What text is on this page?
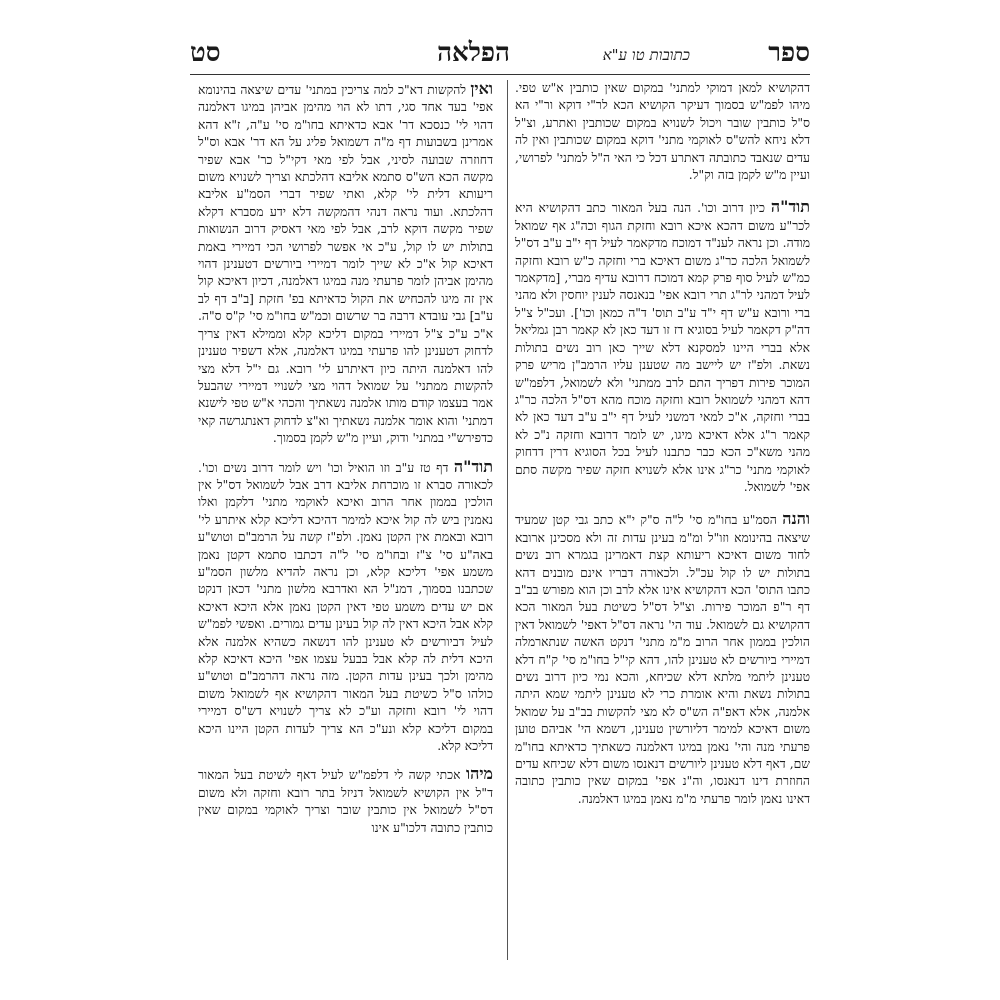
ספר
כתובות טו ע"א
הפלאה
סט

דהקושיא למאן דמוקי למתני' במקום שאין כותבין א"ש טפי. מיהו לפמ"ש בסמוך דעיקר הקושיא הכא לר"י דוקא ור"י הא ס"ל כותבין שובר ויכול לשנויא במקום שכותבין ואתרע, וצ"ל דלא ניחא להש"ס לאוקמי מתני' דוקא במקום שכותבין ואין לה עדים שנאבד כתובתה דאתרע דכל כי האי ה"ל למתני' לפרושי, ועיין מ"ש לקמן בזה וק"ל.

תוד"ה כיון דרוב וכו'. הנה בעל המאור כתב דהקושיא היא לכר"ע משום דהכא איכא רובא וחזקת הגוף וכה"ג אף שמואל מודה. וכן נראה לענ"ד דמוכח מדקאמר לעיל דף י"ב ע"ב דס"ל לשמואל הלכה כר"ג משום דאיכא ברי וחזקה כ"ש רובא וחזקה כמ"ש לעיל סוף פרק קמא דמוכח דרובא עדיף מברי, [מדקאמר לעיל דמהני לר"ג תרי רובא אפי' בנאנסה לענין יוחסין ולא מהני ברי ורובא ע"ש דף י"ד ע"ב תוס' ד"ה כמאן וכו']. ועכ"ל צ"ל דה"ק דקאמר לעיל בסוגיא דז זו דעד כאן לא קאמר רבן גמליאל אלא בברי היינו למסקנא דלא שייך כאן רוב נשים בתולות נשאת. ולפ"ז יש ליישב מה שטענן עליו הרמב"ן מריש פרק המוכר פירות דפריך התם לרב ממתני' ולא לשמואל, דלפמ"ש דהא דמהני לשמואל רובא וחזקה מוכח מהא דס"ל הלכה כר"ג בברי וחזקה, א"כ למאי דמשני לעיל דף י"ב ע"ב דעד כאן לא קאמר ר"ג אלא דאיכא מיגו, יש לומר דרובא וחזקה נ"כ לא מהני משא"כ הכא כבר כתבנו לעיל בכל הסוגיא דרין דדחוק לאוקמי מתני' כר"ג אינו אלא לשנויא חזקה שפיר מקשה סתם אפי' לשמואל.

והנה הסמ"ע בחו"מ סי' ל"ה ס"ק י"א כתב גבי קטן שמעיד שיצאה בהינומא וזו"ל ומ"מ בעינן עדות זה ולא מסכינן ארובא לחוד משום דאיכא ריעותא קצת דאמרינן בגמרא רוב נשים בתולות יש לו קול עכ"ל. ולכאורה דבריו אינם מובנים דהא כתבו התוס' הכא דהקושיא אינו אלא לרב וכן הוא מפורש בב"ב דף ר"פ המוכר פירות. וצ"ל דס"ל כשיטת בעל המאור הכא דהקושיא גם לשמואל. עוד הי' נראה דס"ל דאפי' לשמואל דאין הולכין בממון אחר הרוב מ"מ מתני' דנקט האשה שנתארמלה דמיירי ביורשים לא טענינן להו, דהא קי"ל בחו"מ סי' ק"ח דלא טענינן ליתמי מלתא דלא שכיחא, והכא נמי כיון דרוב נשים בתולות נשאת והיא אומרת כרי לא טענינן ליתמי שמא היתה אלמנה, אלא דאפ"ה הש"ס לא מצי להקשות בב"ב על שמואל משום דאיכא למימר דליורשין טענינן, דשמא הי' אביהם טוען פרעתי מנה והי' נאמן במיגו דאלמנה כשאתיך כדאיתא בחו"מ שם, דאף דלא טענינן ליורשים דנאנסו משום דלא שכיחא עדים החוזרת דינו דנאנסו, וה"נ אפי' במקום שאין כותבין כתובה דאינו נאמן לומר פרעתי מ"מ נאמן במיגו דאלמנה.

ואין להקשות דא"כ למה צריכין במתני' עדים שיצאה בהינומא אפי' בעד אחד סגי, דתו לא הוי מהימן אביהן במיגו דאלמנה דהוי לי' כנסכא דר' אבא כדאיתא בחו"מ סי' ע"ה, ז"א דהא אמרינן בשבועות דף מ"ה דשמואל פליג על הא דר' אבא וס"ל דחוזרה שבועה לסיני, אבל לפי מאי דקי"ל כר' אבא שפיר מקשה הכא הש"ס סתמא אליבא דהלכתא וצריך לשנויא משום ריעותא דלית לי' קלא, ואתי שפיר דברי הסמ"ע אליבא דהלכתא. ועוד נראה דנהי דהמקשה דלא ידע מסברא דקלא שפיר מקשה דוקא לרב, אבל לפי מאי דאסיק דרוב הנשואות בתולות יש לו קול, ע"כ אי אפשר לפרושי הכי דמיירי באמת דאיכא קול א"כ לא שייך לומר דמיירי ביורשים דטענינן דהוי מהימן אביהן לומר פרעתי מנה במיגו דאלמנה, דכיון דאיכא קול אין זה מיגו להכחיש את הקול כדאיתא בפ' חזקת [ב"ב דף לב ע"ב] גבי עובדא דרבה בר שרשום וכמ"ש בחו"מ סי' ק"ס ס"ה. א"כ ע"כ צ"ל דמיירי במקום דליכא קלא וממילא דאין צריך לדחוק דטענינן להו פרעתי במיגו דאלמנה, אלא דשפיר טענינן להו דאלמנה היתה כיון דאיתרע לי' רובא. גם י"ל דלא מצי להקשות ממתני' על שמואל דהוי מצי לשנויי דמיירי שהבעל אמר בעצמו קודם מותו אלמנה נשאתיך והכהי א"ש טפי לישנא דמתני' והוא אומר אלמנה נשאתיך וא"צ לדחוק דאנתגרשה קאי כדפירש"י במתני' ודוק, ועיין מ"ש לקמן בסמוך.

תוד"ה דף טז ע"ב וזו הואיל וכו' ויש לומר דרוב נשים וכו'. לכאורה סברא זו מוכרחת אליבא דרב אבל לשמואל דס"ל אין הולכין בממון אחר הרוב ואיכא לאוקמי מתני' דלקמן ואלו נאמנין ביש לה קול איכא למימר דהיכא דליכא קלא איתרע לי' רובא ובאמת אין הקטן נאמן. ולפ"ז קשה על הרמב"ם וטוש"ע באה"ע סי' צ"ז ובחו"מ סי' ל"ה דכתבו סתמא דקטן נאמן משמע אפי' דליכא קלא, וכן נראה להדיא מלשון הסמ"ע שכתבנו בסמוך, דמנ"ל הא ואדרבא מלשון מתני' דכאן דנקט אם יש עדים משמע טפי דאין הקטן נאמן אלא היכא דאיכא קלא אבל היכא דאין לה קול בעינן עדים גמורים. ואפשי לפמ"ש לעיל דביורשים לא טענינן להו דנשאה כשהיא אלמנה אלא היכא דלית לה קלא אבל בבעל עצמו אפי' היכא דאיכא קלא מהימן ולכך בעינן עדות הקטן. מזה נראה דהרמב"ם וטוש"ע כולהו ס"ל כשיטת בעל המאור דהקושיא אף לשמואל משום דהוי לי' רובא וחזקה וע"כ לא צריך לשנויא דש"ס דמיירי במקום דליכא קלא ונע"כ הא צריך לעדות הקטן היינו היכא דליכא קלא.

מיהו אכתי קשה לי דלפמ"ש לעיל דאף לשיטת בעל המאור ד"ל אין הקושיא לשמואל דניזל בתר רובא וחזקה ולא משום דס"ל לשמואל אין כותבין שובר וצריך לאוקמי במקום שאין כותבין כתובה דלכו"ע אינו
